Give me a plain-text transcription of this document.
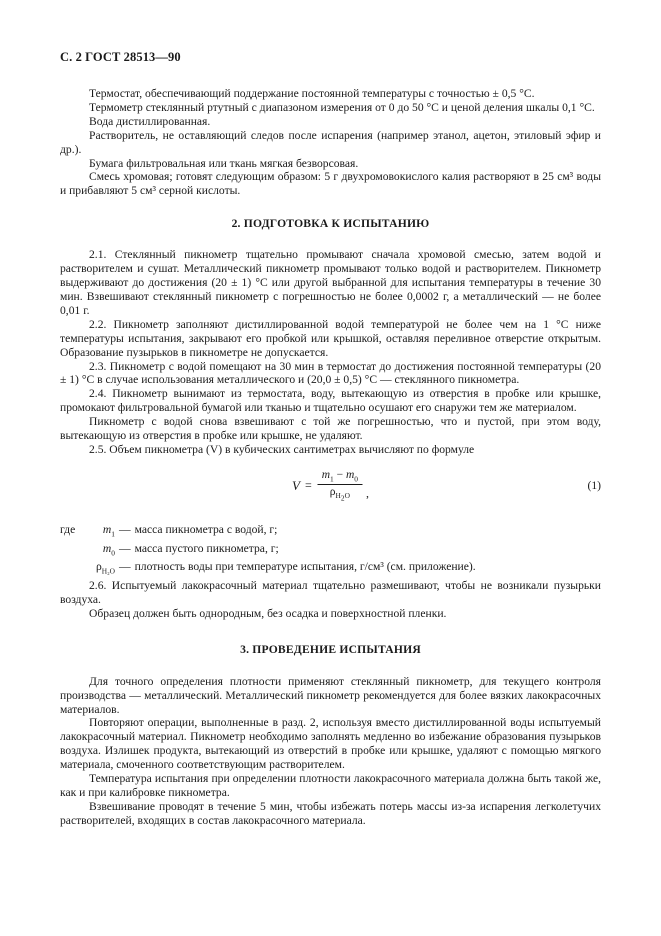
С. 2 ГОСТ 28513—90

Термостат, обеспечивающий поддержание постоянной температуры с точностью ± 0,5 °С.

Термометр стеклянный ртутный с диапазоном измерения от 0 до 50 °С и ценой деления шкалы 0,1 °С.

Вода дистиллированная.

Растворитель, не оставляющий следов после испарения (например этанол, ацетон, этиловый эфир и др.).

Бумага фильтровальная или ткань мягкая безворсовая.

Смесь хромовая; готовят следующим образом: 5 г двухромовокислого калия растворяют в 25 см³ воды и прибавляют 5 см³ серной кислоты.

2. ПОДГОТОВКА К ИСПЫТАНИЮ

2.1. Стеклянный пикнометр тщательно промывают сначала хромовой смесью, затем водой и растворителем и сушат. Металлический пикнометр промывают только водой и растворителем. Пикнометр выдерживают до достижения (20 ± 1) °С или другой выбранной для испытания температуры в течение 30 мин. Взвешивают стеклянный пикнометр с погрешностью не более 0,0002 г, а металлический — не более 0,01 г.

2.2. Пикнометр заполняют дистиллированной водой температурой не более чем на 1 °С ниже температуры испытания, закрывают его пробкой или крышкой, оставляя переливное отверстие открытым. Образование пузырьков в пикнометре не допускается.

2.3. Пикнометр с водой помещают на 30 мин в термостат до достижения постоянной температуры (20 ± 1) °С в случае использования металлического и (20,0 ± 0,5) °С — стеклянного пикнометра.

2.4. Пикнометр вынимают из термостата, воду, вытекающую из отверстия в пробке или крышке, промокают фильтровальной бумагой или тканью и тщательно осушают его снаружи тем же материалом.

Пикнометр с водой снова взвешивают с той же погрешностью, что и пустой, при этом воду, вытекающую из отверстия в пробке или крышке, не удаляют.

2.5. Объем пикнометра (V) в кубических сантиметрах вычисляют по формуле

$V = \frac{m_1 - m_0}{\rho_{Н_2О}}$ ,
(1)
где $m_1$ — масса пикнометра с водой, г;
$m_0$ — масса пустого пикнометра, г;
$\rho_{Н_2О}$ — плотность воды при температуре испытания, г/см³ (см. приложение).

2.6. Испытуемый лакокрасочный материал тщательно размешивают, чтобы не возникали пузырьки воздуха.

Образец должен быть однородным, без осадка и поверхностной пленки.

3. ПРОВЕДЕНИЕ ИСПЫТАНИЯ

Для точного определения плотности применяют стеклянный пикнометр, для текущего контроля производства — металлический. Металлический пикнометр рекомендуется для более вязких лакокрасочных материалов.

Повторяют операции, выполненные в разд. 2, используя вместо дистиллированной воды испытуемый лакокрасочный материал. Пикнометр необходимо заполнять медленно во избежание образования пузырьков воздуха. Излишек продукта, вытекающий из отверстий в пробке или крышке, удаляют с помощью мягкого материала, смоченного соответствующим растворителем.

Температура испытания при определении плотности лакокрасочного материала должна быть такой же, как и при калибровке пикнометра.

Взвешивание проводят в течение 5 мин, чтобы избежать потерь массы из-за испарения легколетучих растворителей, входящих в состав лакокрасочного материала.
